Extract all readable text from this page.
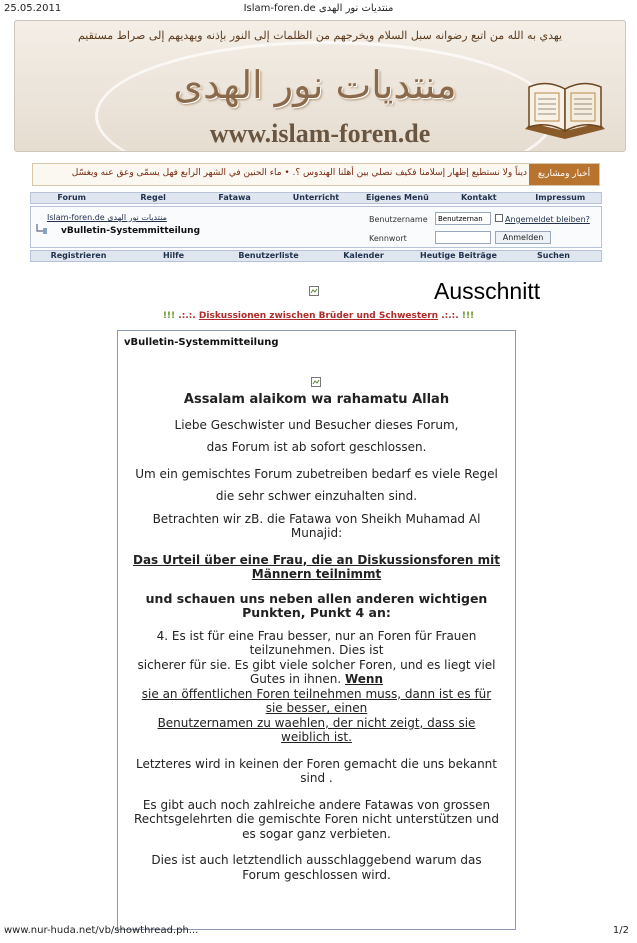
25.05.2011	Islam-foren.de منتديات نور الهدى
يهدي به الله من اتبع رضوانه سبل السلام ويخرجهم من الظلمات إلى النور بإذنه ويهديهم إلى صراط مستقيم
منتديات نور الهدى
www.islam-foren.de
ديناً ولا نستطيع إظهار إسلامنا فكيف نصلي بين أهلنا الهندوس ؟. • ماء الحنين في الشهر الرابع فهل يسمّى وعق عنه ويغسّل	أخبار ومشاريع
Forum	Regel	Fatawa	Unterricht	Eigenes Menü	Kontakt	Impressum
Islam-foren.de منتديات نور الهدى
vBulletin-Systemmitteilung
Benutzername
Benutzernan	Angemeldet bleiben?
Kennwort	Anmelden
Registrieren	Hilfe	Benutzerliste	Kalender	Heutige Beiträge	Suchen
Ausschnitt
!!! .:.:. Diskussionen zwischen Brüder und Schwestern .:.:. !!!
vBulletin-Systemmitteilung

Assalam alaikom wa rahamatu Allah

Liebe Geschwister und Besucher dieses Forum,

das Forum ist ab sofort geschlossen.

Um ein gemischtes Forum zubetreiben bedarf es viele Regel

die sehr schwer einzuhalten sind.

Betrachten wir zB. die Fatawa von Sheikh Muhamad Al Munajid:

Das Urteil über eine Frau, die an Diskussionsforen mit Männern teilnimmt

und schauen uns neben allen anderen wichtigen Punkten, Punkt 4 an:

4. Es ist für eine Frau besser, nur an Foren für Frauen teilzunehmen. Dies ist

sicherer für sie. Es gibt viele solcher Foren, und es liegt viel Gutes in ihnen. Wenn

sie an öffentlichen Foren teilnehmen muss, dann ist es für sie besser, einen

Benutzernamen zu waehlen, der nicht zeigt, dass sie weiblich ist.

Letzteres wird in keinen der Foren gemacht die uns bekannt sind .

Es gibt auch noch zahlreiche andere Fatawas von grossen Rechtsgelehrten die gemischte Foren nicht unterstützen und es sogar ganz verbieten.

Dies ist auch letztendlich ausschlaggebend warum das Forum geschlossen wird.

www.nur-huda.net/vb/showthread.ph...	1/2
